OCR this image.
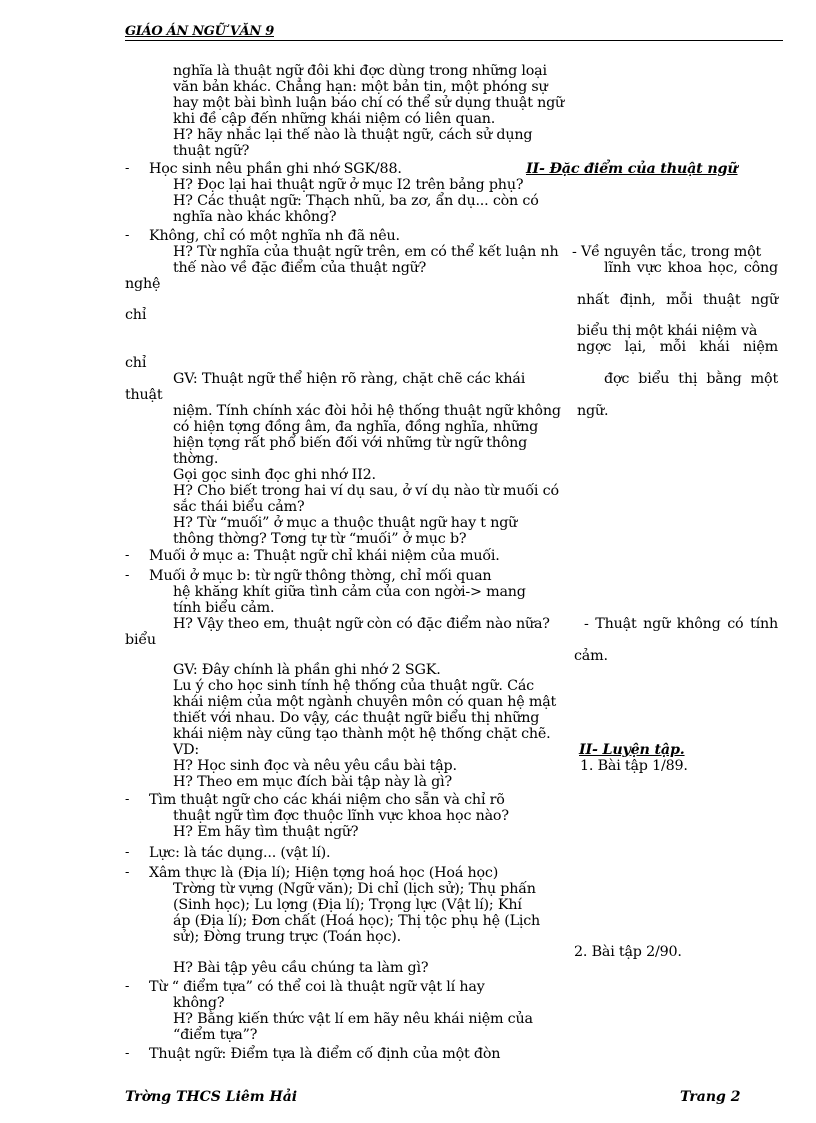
GIÁO ÁN NGỮ VĂN 9
nghĩa là thuật ngữ đôi khi đợc dùng trong những loại
văn bản khác. Chẳng hạn: một bản tin, một phóng sự
hay một bài bình luận báo chí có thể sử dụng thuật ngữ
khi đề cập đến những khái niệm có liên quan.
H? hãy nhắc lại thế nào là thuật ngữ, cách sử dụng
thuật ngữ?
- Học sinh nêu phần ghi nhớ SGK/88.
H? Đọc lại hai thuật ngữ ở mục I2 trên bảng phụ?
H? Các thuật ngữ: Thạch nhũ, ba zơ, ẩn dụ... còn có
nghĩa nào khác không?
- Không, chỉ có một nghĩa nh đã nêu.
H? Từ nghĩa của thuật ngữ trên, em có thể kết luận nh
thế nào về đặc điểm của thuật ngữ?
nghệ
chỉ
chỉ
GV: Thuật ngữ thể hiện rõ ràng, chặt chẽ các khái
thuật
niệm. Tính chính xác đòi hỏi hệ thống thuật ngữ không
có hiện tợng đồng âm, đa nghĩa, đồng nghĩa, những
hiện tợng rất phổ biến đối với những từ ngữ thông
thờng.
Gọi gọc sinh đọc ghi nhớ II2.
H? Cho biết trong hai ví dụ sau, ở ví dụ nào từ muối có
sắc thái biểu cảm?
H? Từ “muối” ở mục a thuộc thuật ngữ hay t ngữ
thông thờng? Tơng tự từ “muối” ở mục b?
- Muối ở mục a: Thuật ngữ chỉ khái niệm của muối.
- Muối ở mục b: từ ngữ thông thờng, chỉ mối quan
hệ khăng khít giữa tình cảm của con ngời-> mang
tính biểu cảm.
H? Vậy theo em, thuật ngữ còn có đặc điểm nào nữa?
biểu
GV: Đây chính là phần ghi nhớ 2 SGK.
Lu ý cho học sinh tính hệ thống của thuật ngữ. Các
khái niệm của một ngành chuyên môn có quan hệ mật
thiết với nhau. Do vậy, các thuật ngữ biểu thị những
khái niệm này cũng tạo thành một hệ thống chặt chẽ.
VD:
H? Học sinh đọc và nêu yêu cầu bài tập.
H? Theo em mục đích bài tập này là gì?
- Tìm thuật ngữ cho các khái niệm cho sẵn và chỉ rõ
thuật ngữ tìm đợc thuộc lĩnh vực khoa học nào?
H? Em hãy tìm thuật ngữ?
- Lực: là tác dụng... (vật lí).
- Xâm thực là (Địa lí); Hiện tợng hoá học (Hoá học)
Trờng từ vựng (Ngữ văn); Di chỉ (lịch sử); Thụ phấn
(Sinh học); Lu lợng (Địa lí); Trọng lực (Vật lí); Khí
áp (Địa lí); Đơn chất (Hoá học); Thị tộc phụ hệ (Lịch
sử); Đờng trung trực (Toán học).
H? Bài tập yêu cầu chúng ta làm gì?
- Từ “ điểm tựa” có thể coi là thuật ngữ vật lí hay
không?
H? Bằng kiến thức vật lí em hãy nêu khái niệm của
“điểm tựa”?
- Thuật ngữ: Điểm tựa là điểm cố định của một đòn
II- Đặc điểm của thuật ngữ
- Về nguyên tắc, trong một
lĩnh vực khoa học, công
nhất định, mỗi thuật ngữ
biểu thị một khái niệm và
ngợc lại, mỗi khái niệm
đợc biểu thị bằng một
ngữ.
- Thuật ngữ không có tính
cảm.
II- Luyện tập.
1. Bài tập 1/89.
2. Bài tập 2/90.
Trờng THCS Liêm Hải	Trang 2
